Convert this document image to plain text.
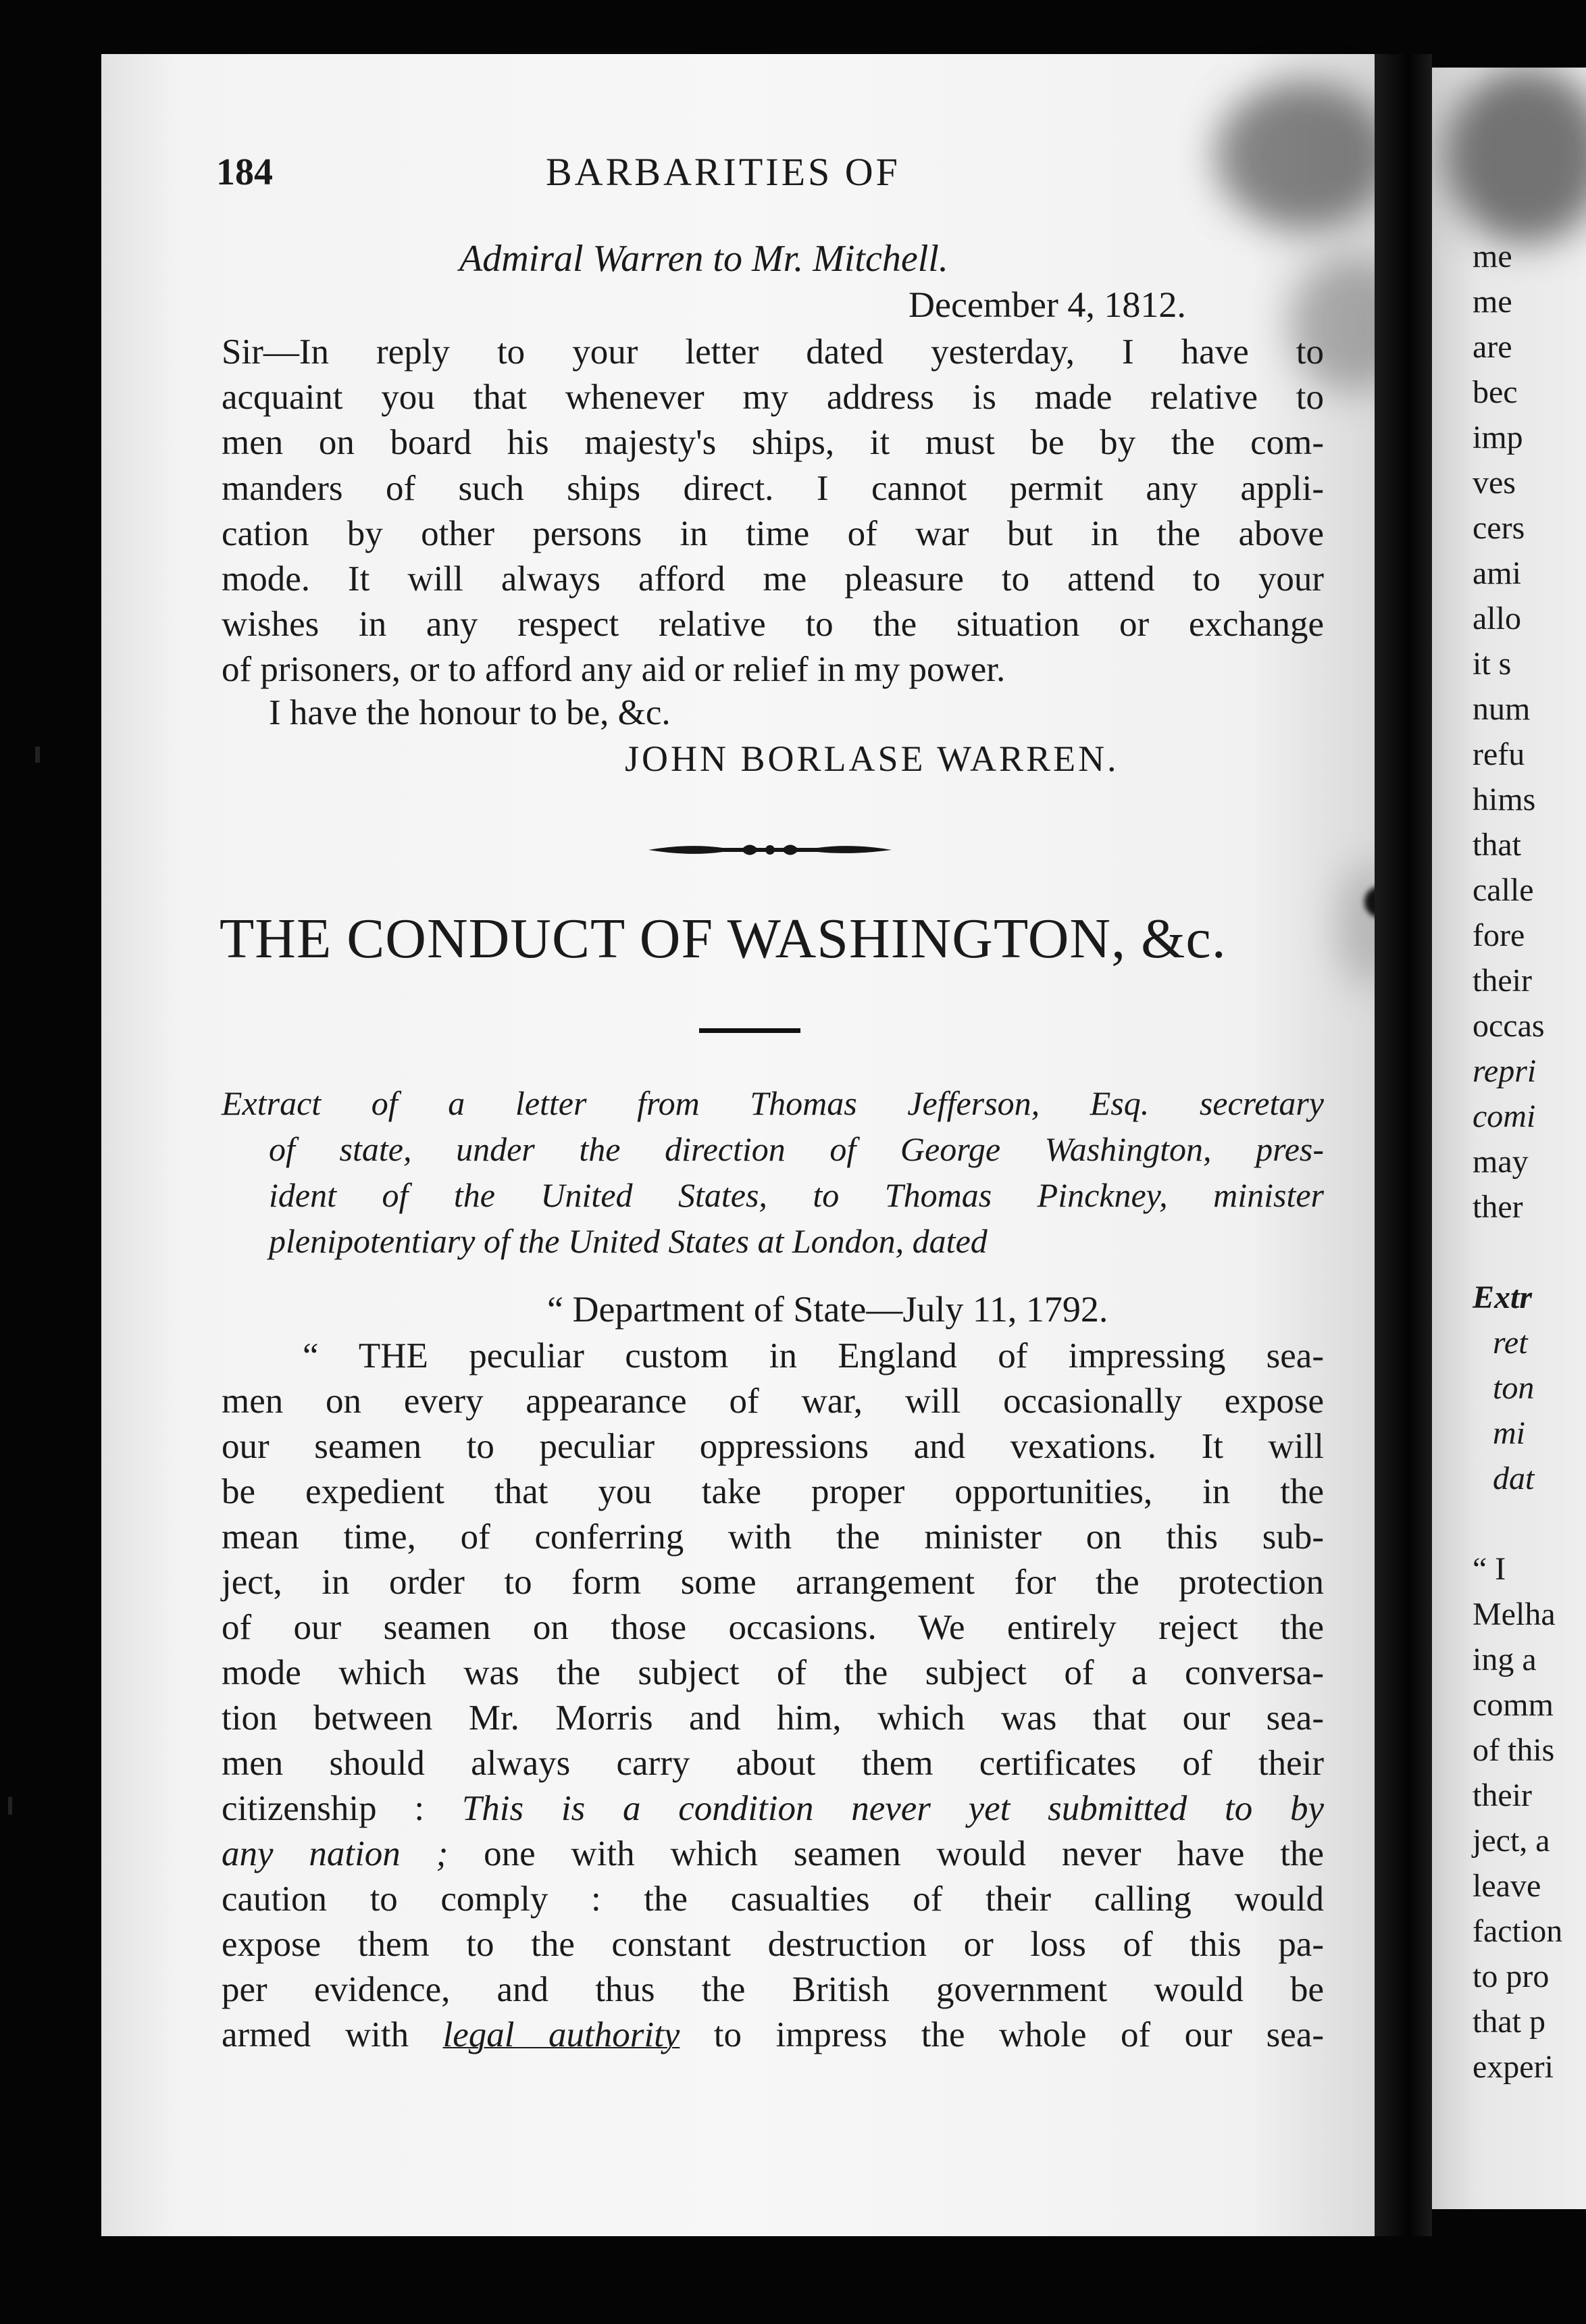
me
me
are
bec
imp
ves
cers
ami
allo
it s
num
refu
hims
that
calle
fore
their
occas
repri
comi
may
ther
Extr
ret
ton
mi
dat
“ I
Melha
ing a
comm
of this
their
ject, a
leave
faction
to pro
that p
experi
184	BARBARITIES OF
Admiral Warren to Mr. Mitchell.
December 4, 1812.
Sir—In reply to your letter dated yesterday, I have to
acquaint you that whenever my address is made relative to
men on board his majesty's ships, it must be by the com-
manders of such ships direct. I cannot permit any appli-
cation by other persons in time of war but in the above
mode. It will always afford me pleasure to attend to your
wishes in any respect relative to the situation or exchange
of prisoners, or to afford any aid or relief in my power.
I have the honour to be, &c.
JOHN BORLASE WARREN.
THE CONDUCT OF WASHINGTON, &c.
Extract of a letter from Thomas Jefferson, Esq. secretary
of state, under the direction of George Washington, pres-
ident of the United States, to Thomas Pinckney, minister
plenipotentiary of the United States at London, dated
“ Department of State—July 11, 1792.
“ THE peculiar custom in England of impressing sea-
men on every appearance of war, will occasionally expose
our seamen to peculiar oppressions and vexations. It will
be expedient that you take proper opportunities, in the
mean time, of conferring with the minister on this sub-
ject, in order to form some arrangement for the protection
of our seamen on those occasions. We entirely reject the
mode which was the subject of the subject of a conversa-
tion between Mr. Morris and him, which was that our sea-
men should always carry about them certificates of their
citizenship : This is a condition never yet submitted to by
any nation ; one with which seamen would never have the
caution to comply : the casualties of their calling would
expose them to the constant destruction or loss of this pa-
per evidence, and thus the British government would be
armed with legal authority to impress the whole of our sea-
